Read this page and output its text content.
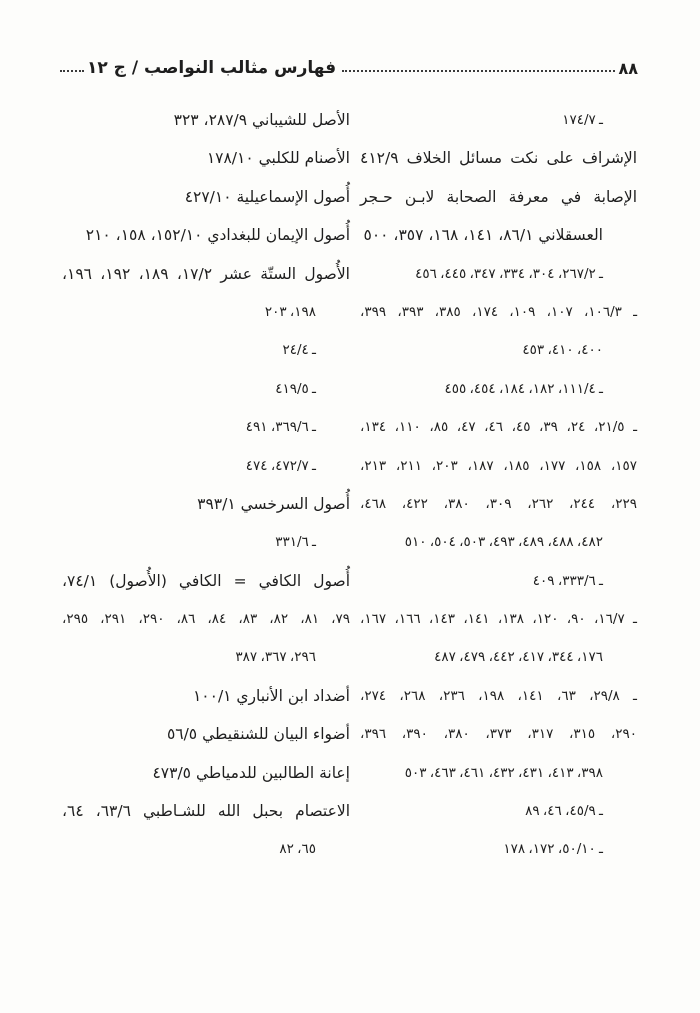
فهارس مثالب النواصب / ج ١٢	٨٨
ـ ١٧٤/٧
الإشراف على نكت مسائل الخلاف ٤١٢/٩
الإصابة في معرفة الصحابة لابـن حـجر
العسقلاني ٨٦/١، ١٤١، ١٦٨، ٣٥٧، ٥٠٠
ـ ٢٦٧/٢، ٣٠٤، ٣٣٤، ٣٤٧، ٤٤٥، ٤٥٦
ـ ١٠٦/٣، ١٠٧، ١٠٩، ١٧٤، ٣٨٥، ٣٩٣، ٣٩٩،
٤٠٠، ٤١٠، ٤٥٣
ـ ١١١/٤، ١٨٢، ١٨٤، ٤٥٤، ٤٥٥
ـ ٢١/٥، ٢٤، ٣٩، ٤٥، ٤٦، ٤٧، ٨٥، ١١٠، ١٣٤،
١٥٧، ١٥٨، ١٧٧، ١٨٥، ١٨٧، ٢٠٣، ٢١١، ٢١٣،
٢٢٩، ٢٤٤، ٢٦٢، ٣٠٩، ٣٨٠، ٤٢٢، ٤٦٨،
٤٨٢، ٤٨٨، ٤٨٩، ٤٩٣، ٥٠٣، ٥٠٤، ٥١٠
ـ ٣٣٣/٦، ٤٠٩
ـ ١٦/٧، ٩٠، ١٢٠، ١٣٨، ١٤١، ١٤٣، ١٦٦، ١٦٧،
١٧٦، ٣٤٤، ٤١٧، ٤٤٢، ٤٧٩، ٤٨٧
ـ ٢٩/٨، ٦٣، ١٤١، ١٩٨، ٢٣٦، ٢٦٨، ٢٧٤،
٢٩٠، ٣١٥، ٣١٧، ٣٧٣، ٣٨٠، ٣٩٠، ٣٩٦،
٣٩٨، ٤١٣، ٤٣١، ٤٣٢، ٤٦١، ٤٦٣، ٥٠٣
ـ ٤٥/٩، ٤٦، ٨٩
ـ ٥٠/١٠، ١٧٢، ١٧٨
الأصل للشيباني ٢٨٧/٩، ٣٢٣
الأصنام للكلبي ١٧٨/١٠
أُصول الإسماعيلية ٤٢٧/١٠
أُصول الإيمان للبغدادي ١٥٢/١٠، ١٥٨، ٢١٠
الأُصول الستّة عشر ١٧/٢، ١٨٩، ١٩٢، ١٩٦،
١٩٨، ٢٠٣
ـ ٢٤/٤
ـ ٤١٩/٥
ـ ٣٦٩/٦، ٤٩١
ـ ٤٧٢/٧، ٤٧٤
أُصول السرخسي ٣٩٣/١
ـ ٣٣١/٦
أُصول الكافي = الكافي (الأُصول) ٧٤/١،
٧٩، ٨١، ٨٢، ٨٣، ٨٤، ٨٦، ٢٩٠، ٢٩١، ٢٩٥،
٢٩٦، ٣٦٧، ٣٨٧
أضداد ابن الأنباري ١٠٠/١
أضواء البيان للشنقيطي ٥٦/٥
إعانة الطالبين للدمياطي ٤٧٣/٥
الاعتصام بحبل الله للشـاطبي ٦٣/٦، ٦٤،
٦٥، ٨٢
